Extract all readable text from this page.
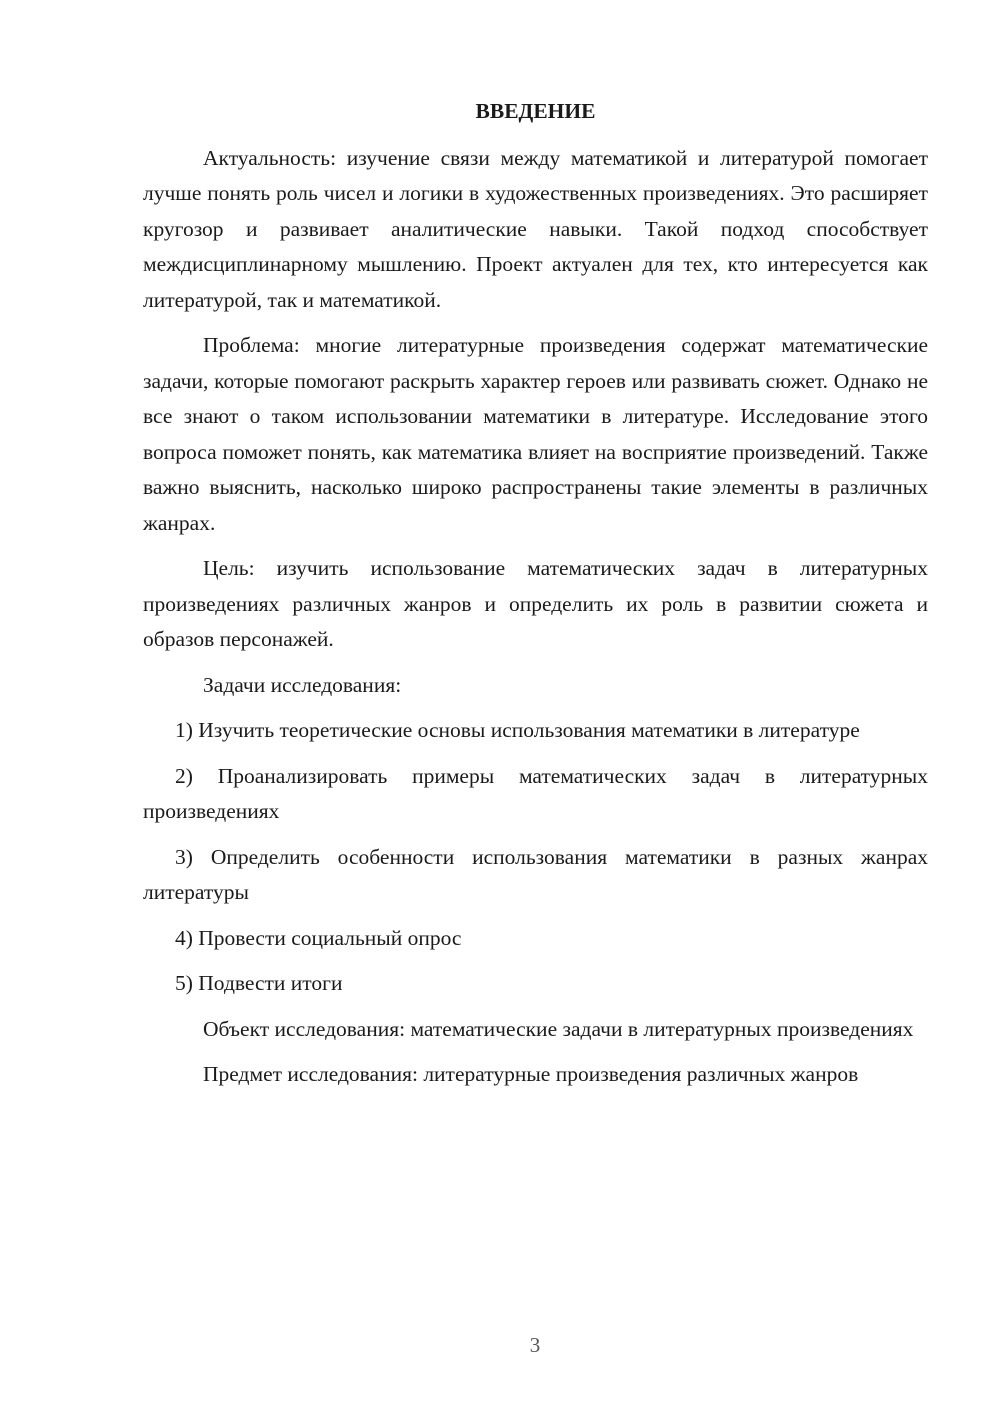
ВВЕДЕНИЕ

Актуальность: изучение связи между математикой и литературой помогает лучше понять роль чисел и логики в художественных произведениях. Это расширяет кругозор и развивает аналитические навыки. Такой подход способствует междисциплинарному мышлению. Проект актуален для тех, кто интересуется как литературой, так и математикой.

Проблема: многие литературные произведения содержат математические задачи, которые помогают раскрыть характер героев или развивать сюжет. Однако не все знают о таком использовании математики в литературе. Исследование этого вопроса поможет понять, как математика влияет на восприятие произведений. Также важно выяснить, насколько широко распространены такие элементы в различных жанрах.

Цель: изучить использование математических задач в литературных произведениях различных жанров и определить их роль в развитии сюжета и образов персонажей.

Задачи исследования:

1) Изучить теоретические основы использования математики в литературе

2) Проанализировать примеры математических задач в литературных произведениях

3) Определить особенности использования математики в разных жанрах литературы

4) Провести социальный опрос

5) Подвести итоги

Объект исследования: математические задачи в литературных произведениях

Предмет исследования: литературные произведения различных жанров

3
